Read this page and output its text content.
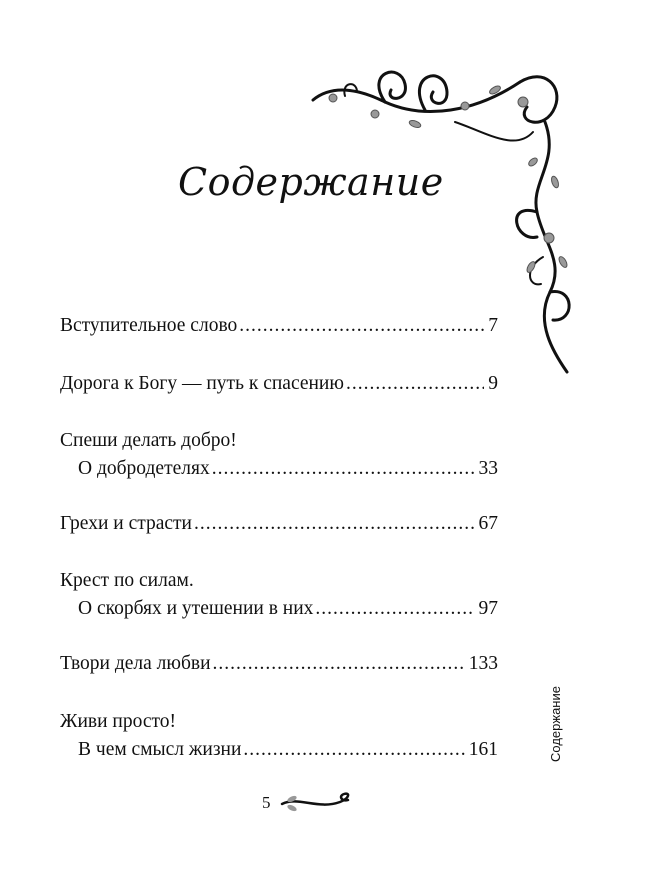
Содержание
Вступительное слово .....	7
Дорога к Богу — путь к спасению .....	9
Спеши делать добро!
О добродетелях .....	33
Грехи и страсти .....	67
Крест по силам.
О скорбях и утешении в них .....	97
Твори дела любви .....	133
Живи просто!
В чем смысл жизни .....	161	Содержание
5
